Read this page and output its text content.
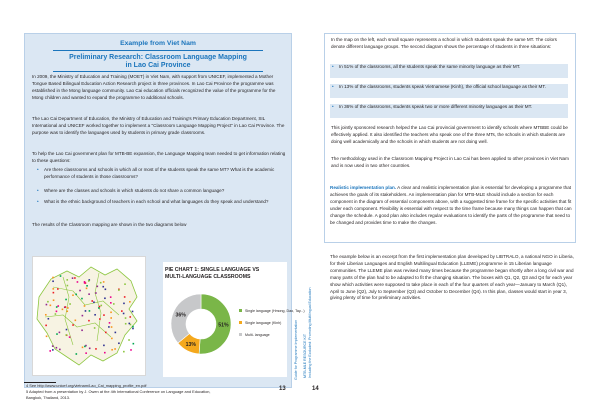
Example from Viet Nam
Preliminary Research: Classroom Language Mapping
in Lao Cai Province
In 2009, the Ministry of Education and Training (MOET) in Viet Nam, with support from UNICEF, implemented a Mother Tongue Based Bilingual Education Action Research project in three provinces. In Lao Cai Province the programme was established in the Mong language community. Lao Cai education officials recognized the value of the programme for the Mong children and wanted to expand the programme to additional schools.
The Lao Cai Department of Education, the Ministry of Education and Training's Primary Education Department, SIL International and UNICEF worked together to implement a "Classroom Language Mapping Project" in Lao Cai Province. The purpose was to identify the languages used by students in primary grade classrooms.
To help the Lao Cai government plan for MTB-BE expansion, the Language Mapping team needed to get information relating to these questions:
• Are there classrooms and schools in which all or most of the students speak the same MT? What is the academic performance of students in those classrooms?
• Where are the classes and schools in which students do not share a common language?
• What is the ethnic background of teachers in each school and what languages do they speak and understand?
The results of the Classroom mapping are shown in the two diagrams below
PIE CHART 1: SINGLE LANGUAGE VS
MULTI-LANGUAGE CLASSROOMS
51%
13%
36%
Single language (Hmong, Dao, Tay...)
Single language (Kinh)
Multi- language
4 See http://www.unicef.org/vietnam/Lao_Cai_mapping_profile_en.pdf
5 Adapted from a presentation by J. Owen at the 4th International Conference on Language and Education,
Bangkok, Thailand, 2013.
Guide for Programme Implementation
13
MTB-MLE RESOURCE KIT Including the Excluded: Promoting Multilingual Education
14
In the map on the left, each small square represents a school in which students speak the same MT. The colors denote different language groups. The second diagram shows the percentage of students in three situations:
• In 51% of the classrooms, all the students speak the same minority language as their MT.
• In 13% of the classrooms, students speak Vietnamese (Kinh), the official school language as their MT.
• In 36% of the classrooms, students speak two or more different minority languages as their MT.
This jointly sponsored research helped the Lao Cai provincial government to identify schools where MTBBE could be effectively applied. It also identified the teachers who speak one of the three MTs, the schools in which students are doing well academically and the schools in which students are not doing well.
The methodology used in the Classroom Mapping Project in Lao Cai has been applied to other provinces in Viet Nam and is now used in two other countries.
Realistic implementation plan. A clear and realistic implementation plan is essential for developing a programme that achieves the goals of its stakeholders. An implementation plan for MTB-MLE should include a section for each component in the diagram of essential components above, with a suggested time frame for the specific activities that fit under each component. Flexibility is essential with respect to the time frame because many things can happen that can change the schedule. A good plan also includes regular evaluations to identify the parts of the programme that need to be changed and provides time to make the changes.
The example below is an excerpt from the first implementation plan developed by LIBTRALO, a national NGO in Liberia, for their Liberian Languages and English Multilingual Education (LLEME) programme in 15 Liberian language communities. The LLEME plan was revised many times because the programme began shortly after a long civil war and many parts of the plan had to be adapted to fit the changing situation. The boxes with Q1, Q2, Q3 and Q4 for each year show which activities were supposed to take place in each of the four quarters of each year—January to March (Q1), April to June (Q2), July to September (Q3) and October to December (Q4). In this plan, classes would start in year 3, giving plenty of time for preliminary activities.
